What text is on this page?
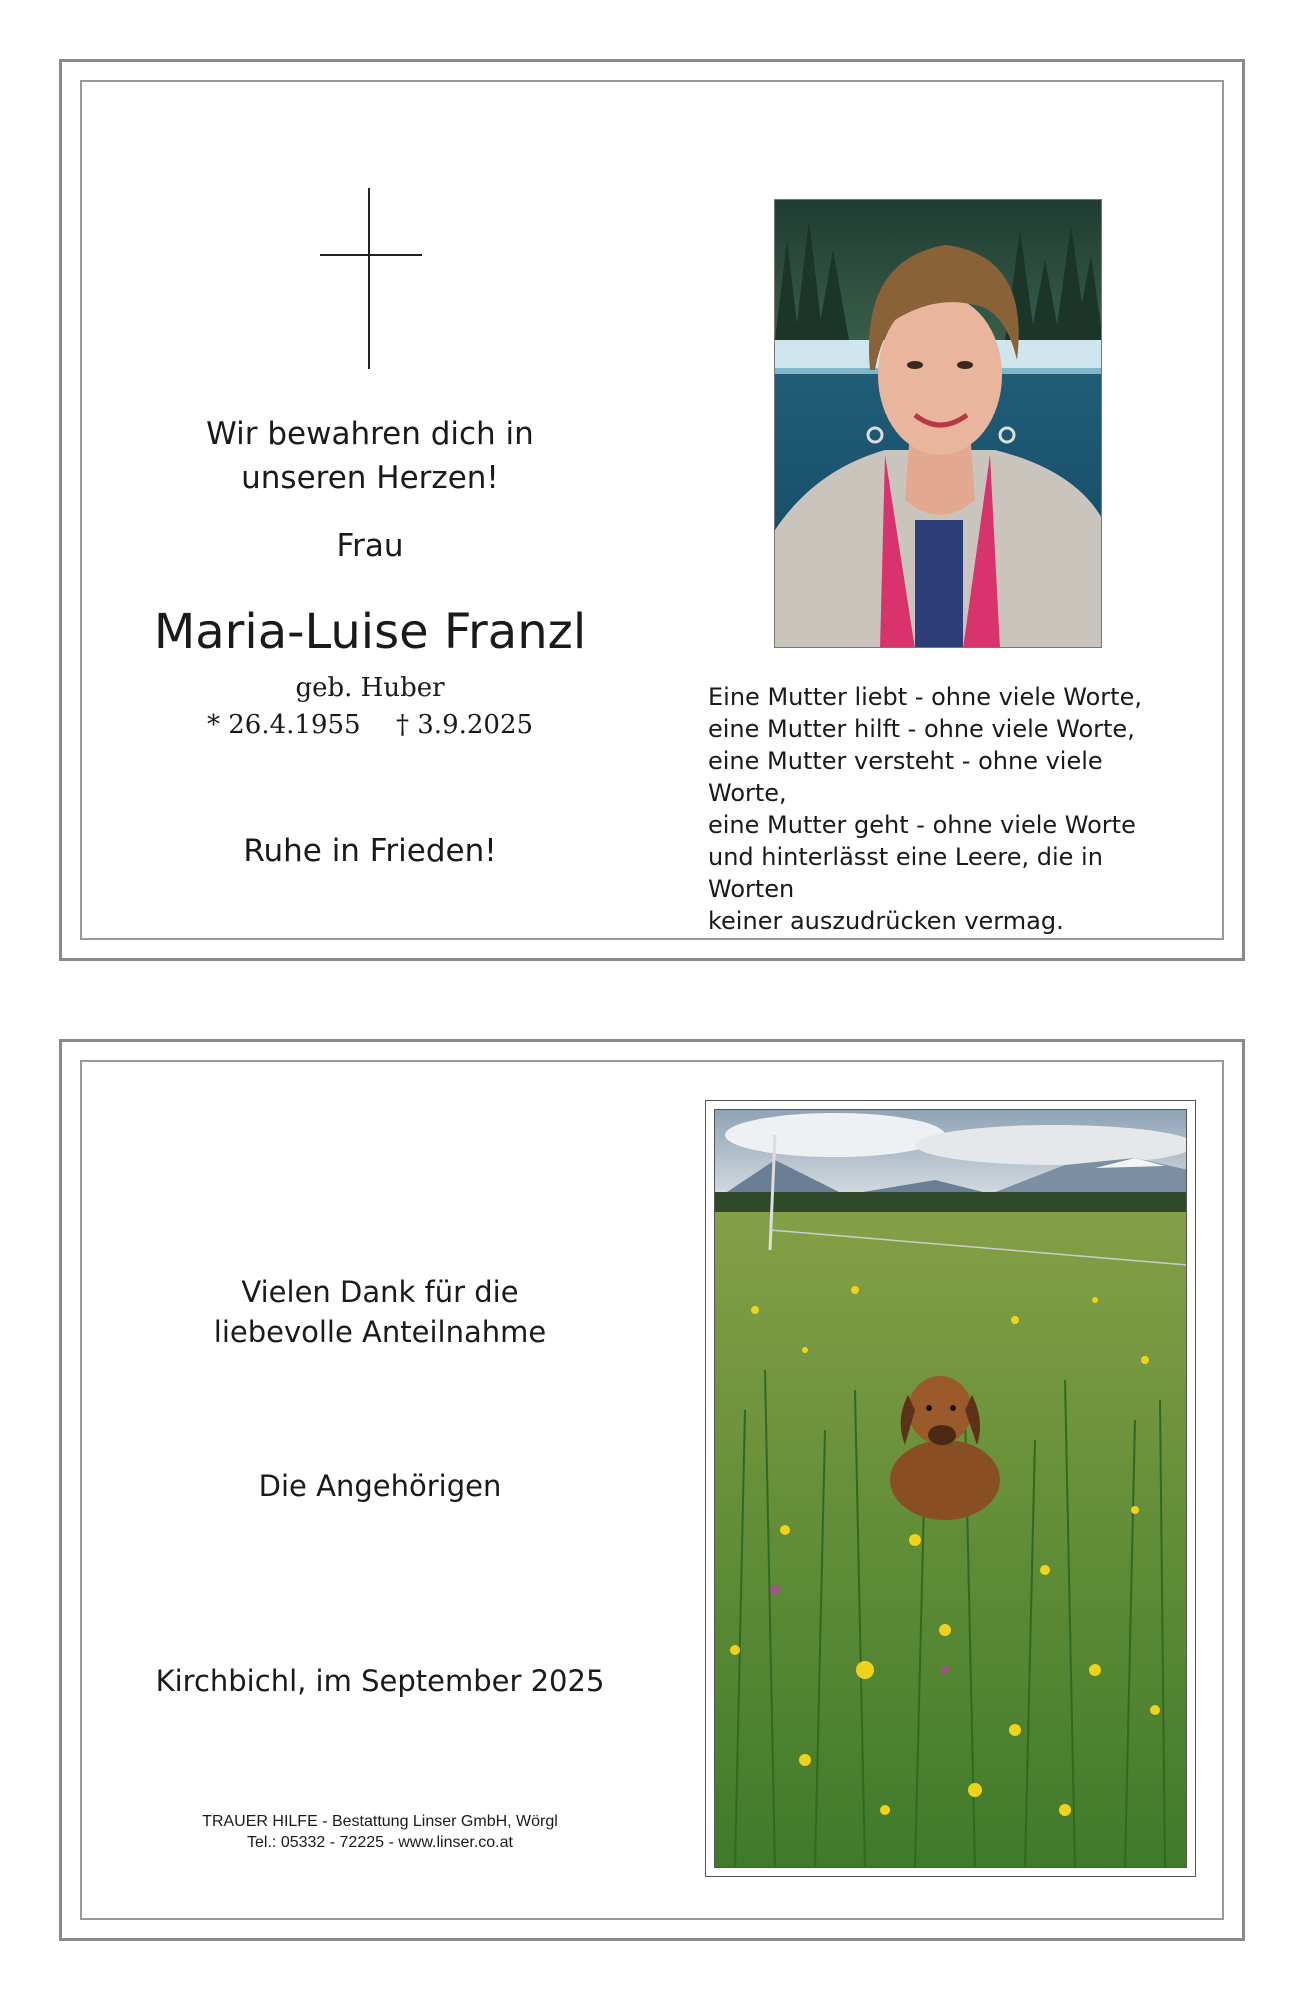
Wir bewahren dich in
unseren Herzen!
Frau
Maria-Luise Franzl
geb. Huber
* 26.4.1955 † 3.9.2025
Ruhe in Frieden!
Eine Mutter liebt - ohne viele Worte,
eine Mutter hilft - ohne viele Worte,
eine Mutter versteht - ohne viele Worte,
eine Mutter geht - ohne viele Worte
und hinterlässt eine Leere, die in Worten
keiner auszudrücken vermag.
Vielen Dank für die
liebevolle Anteilnahme
Die Angehörigen
Kirchbichl, im September 2025
TRAUER HILFE - Bestattung Linser GmbH, Wörgl
Tel.: 05332 - 72225 - www.linser.co.at
